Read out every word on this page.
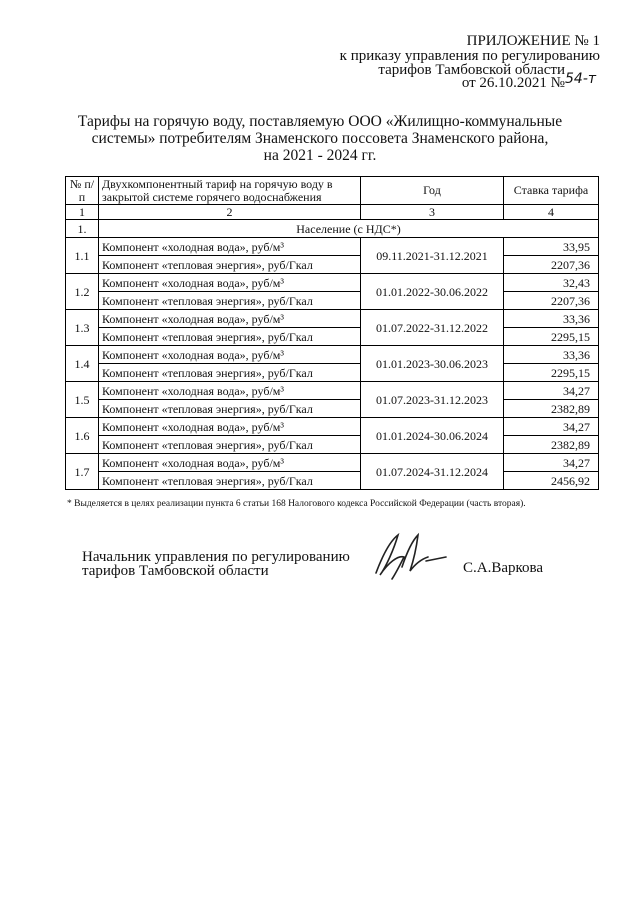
ПРИЛОЖЕНИЕ № 1
к приказу управления по регулированию
тарифов Тамбовской области
от 26.10.2021 № 54-т
Тарифы на горячую воду, поставляемую ООО «Жилищно-коммунальные
системы» потребителям Знаменского поссовета Знаменского района,
на 2021 - 2024 гг.
№ п/п	Двухкомпонентный тариф на горячую воду в закрытой системе горячего водоснабжения	Год	Ставка тарифа
1	2	3	4
1.	Население (с НДС*)		
1.1	Компонент «холодная вода», руб/м³	09.11.2021-31.12.2021	33,95
	Компонент «тепловая энергия», руб/Гкал		2207,36
1.2	Компонент «холодная вода», руб/м³	01.01.2022-30.06.2022	32,43
	Компонент «тепловая энергия», руб/Гкал		2207,36
1.3	Компонент «холодная вода», руб/м³	01.07.2022-31.12.2022	33,36
	Компонент «тепловая энергия», руб/Гкал		2295,15
1.4	Компонент «холодная вода», руб/м³	01.01.2023-30.06.2023	33,36
	Компонент «тепловая энергия», руб/Гкал		2295,15
1.5	Компонент «холодная вода», руб/м³	01.07.2023-31.12.2023	34,27
	Компонент «тепловая энергия», руб/Гкал		2382,89
1.6	Компонент «холодная вода», руб/м³	01.01.2024-30.06.2024	34,27
	Компонент «тепловая энергия», руб/Гкал		2382,89
1.7	Компонент «холодная вода», руб/м³	01.07.2024-31.12.2024	34,27
	Компонент «тепловая энергия», руб/Гкал		2456,92
* Выделяется в целях реализации пункта 6 статьи 168 Налогового кодекса Российской Федерации (часть вторая).
Начальник управления по регулированию
тарифов Тамбовской области	С.А.Варкова
